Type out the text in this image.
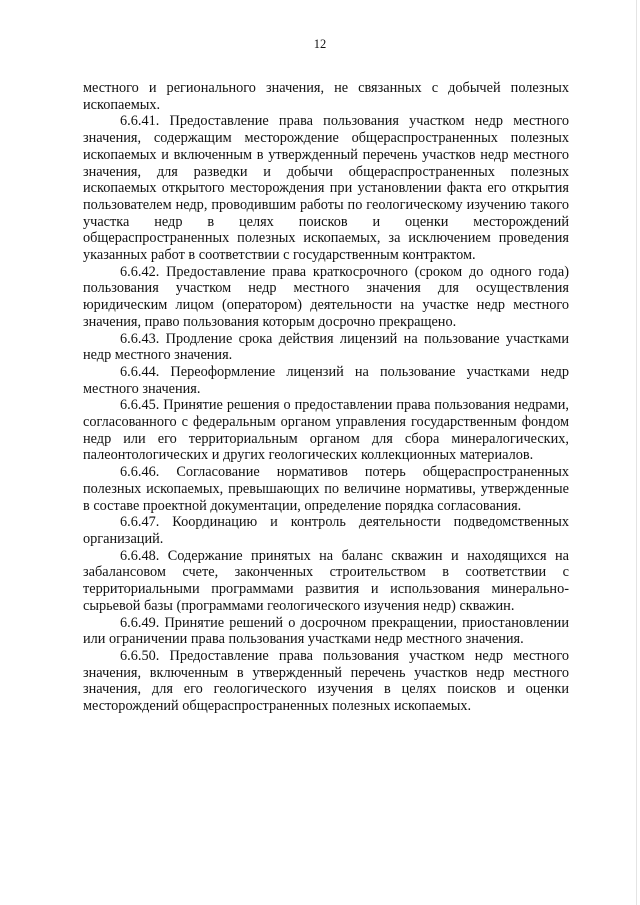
12

местного и регионального значения, не связанных с добычей полезных ископаемых.

6.6.41. Предоставление права пользования участком недр местного значения, содержащим месторождение общераспространенных полезных ископаемых и включенным в утвержденный перечень участков недр местного значения, для разведки и добычи общераспространенных полезных ископаемых открытого месторождения при установлении факта его открытия пользователем недр, проводившим работы по геологическому изучению такого участка недр в целях поисков и оценки месторождений общераспространенных полезных ископаемых, за исключением проведения указанных работ в соответствии с государственным контрактом.

6.6.42. Предоставление права краткосрочного (сроком до одного года) пользования участком недр местного значения для осуществления юридическим лицом (оператором) деятельности на участке недр местного значения, право пользования которым досрочно прекращено.

6.6.43. Продление срока действия лицензий на пользование участками недр местного значения.

6.6.44. Переоформление лицензий на пользование участками недр местного значения.

6.6.45. Принятие решения о предоставлении права пользования недрами, согласованного с федеральным органом управления государственным фондом недр или его территориальным органом для сбора минералогических, палеонтологических и других геологических коллекционных материалов.

6.6.46. Согласование нормативов потерь общераспространенных полезных ископаемых, превышающих по величине нормативы, утвержденные в составе проектной документации, определение порядка согласования.

6.6.47. Координацию и контроль деятельности подведомственных организаций.

6.6.48. Содержание принятых на баланс скважин и находящихся на забалансовом счете, законченных строительством в соответствии с территориальными программами развития и использования минерально-сырьевой базы (программами геологического изучения недр) скважин.

6.6.49. Принятие решений о досрочном прекращении, приостановлении или ограничении права пользования участками недр местного значения.

6.6.50. Предоставление права пользования участком недр местного значения, включенным в утвержденный перечень участков недр местного значения, для его геологического изучения в целях поисков и оценки месторождений общераспространенных полезных ископаемых.
